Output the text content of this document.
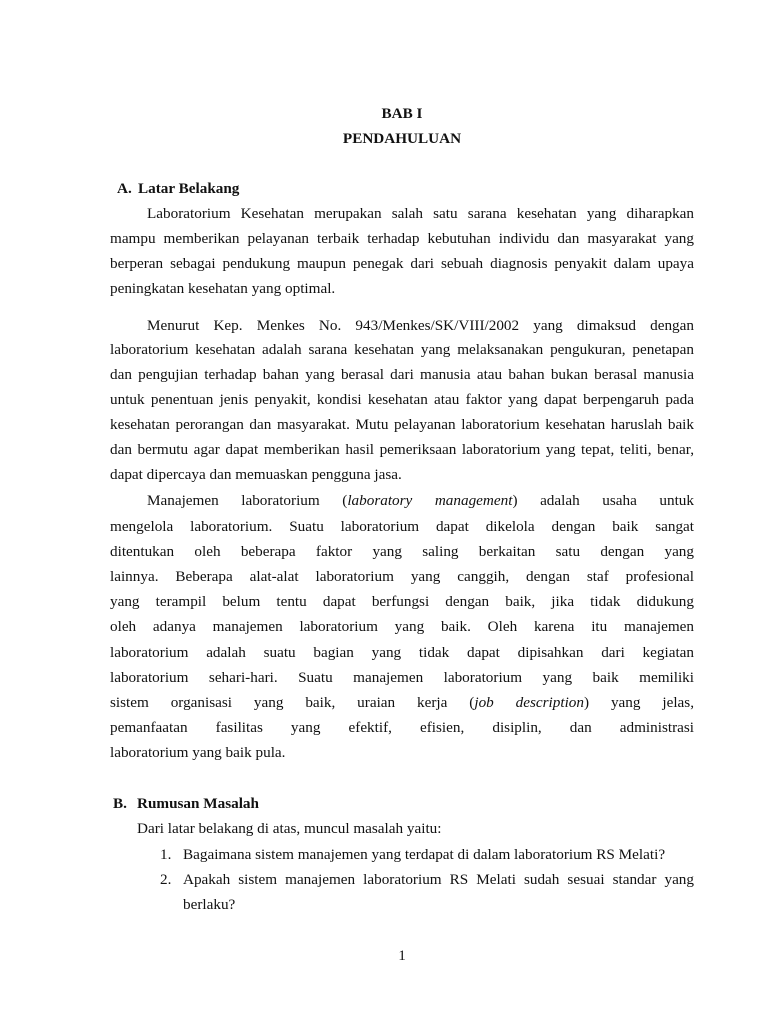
BAB I
PENDAHULUAN
A. Latar Belakang
Laboratorium Kesehatan merupakan salah satu sarana kesehatan yang diharapkan
mampu memberikan pelayanan terbaik terhadap kebutuhan individu dan masyarakat yang
berperan sebagai pendukung maupun penegak dari sebuah diagnosis penyakit dalam upaya
peningkatan kesehatan yang optimal.
Menurut Kep. Menkes No. 943/Menkes/SK/VIII/2002 yang dimaksud dengan
laboratorium kesehatan adalah sarana kesehatan yang melaksanakan pengukuran, penetapan
dan pengujian terhadap bahan yang berasal dari manusia atau bahan bukan berasal manusia
untuk penentuan jenis penyakit, kondisi kesehatan atau faktor yang dapat berpengaruh pada
kesehatan perorangan dan masyarakat. Mutu pelayanan laboratorium kesehatan haruslah baik
dan bermutu agar dapat memberikan hasil pemeriksaan laboratorium yang tepat, teliti, benar,
dapat dipercaya dan memuaskan pengguna jasa.
Manajemen laboratorium (laboratory management) adalah usaha untuk
mengelola laboratorium. Suatu laboratorium dapat dikelola dengan baik sangat
ditentukan oleh beberapa faktor yang saling berkaitan satu dengan yang
lainnya. Beberapa alat-alat laboratorium yang canggih, dengan staf profesional
yang terampil belum tentu dapat berfungsi dengan baik, jika tidak didukung
oleh adanya manajemen laboratorium yang baik. Oleh karena itu manajemen
laboratorium adalah suatu bagian yang tidak dapat dipisahkan dari kegiatan
laboratorium sehari-hari. Suatu manajemen laboratorium yang baik memiliki
sistem organisasi yang baik, uraian kerja (job description) yang jelas,
pemanfaatan fasilitas yang efektif, efisien, disiplin, dan administrasi
laboratorium yang baik pula.
B. Rumusan Masalah
Dari latar belakang di atas, muncul masalah yaitu:
1. Bagaimana sistem manajemen yang terdapat di dalam laboratorium RS Melati?
2. Apakah sistem manajemen laboratorium RS Melati sudah sesuai standar yang
berlaku?
1
